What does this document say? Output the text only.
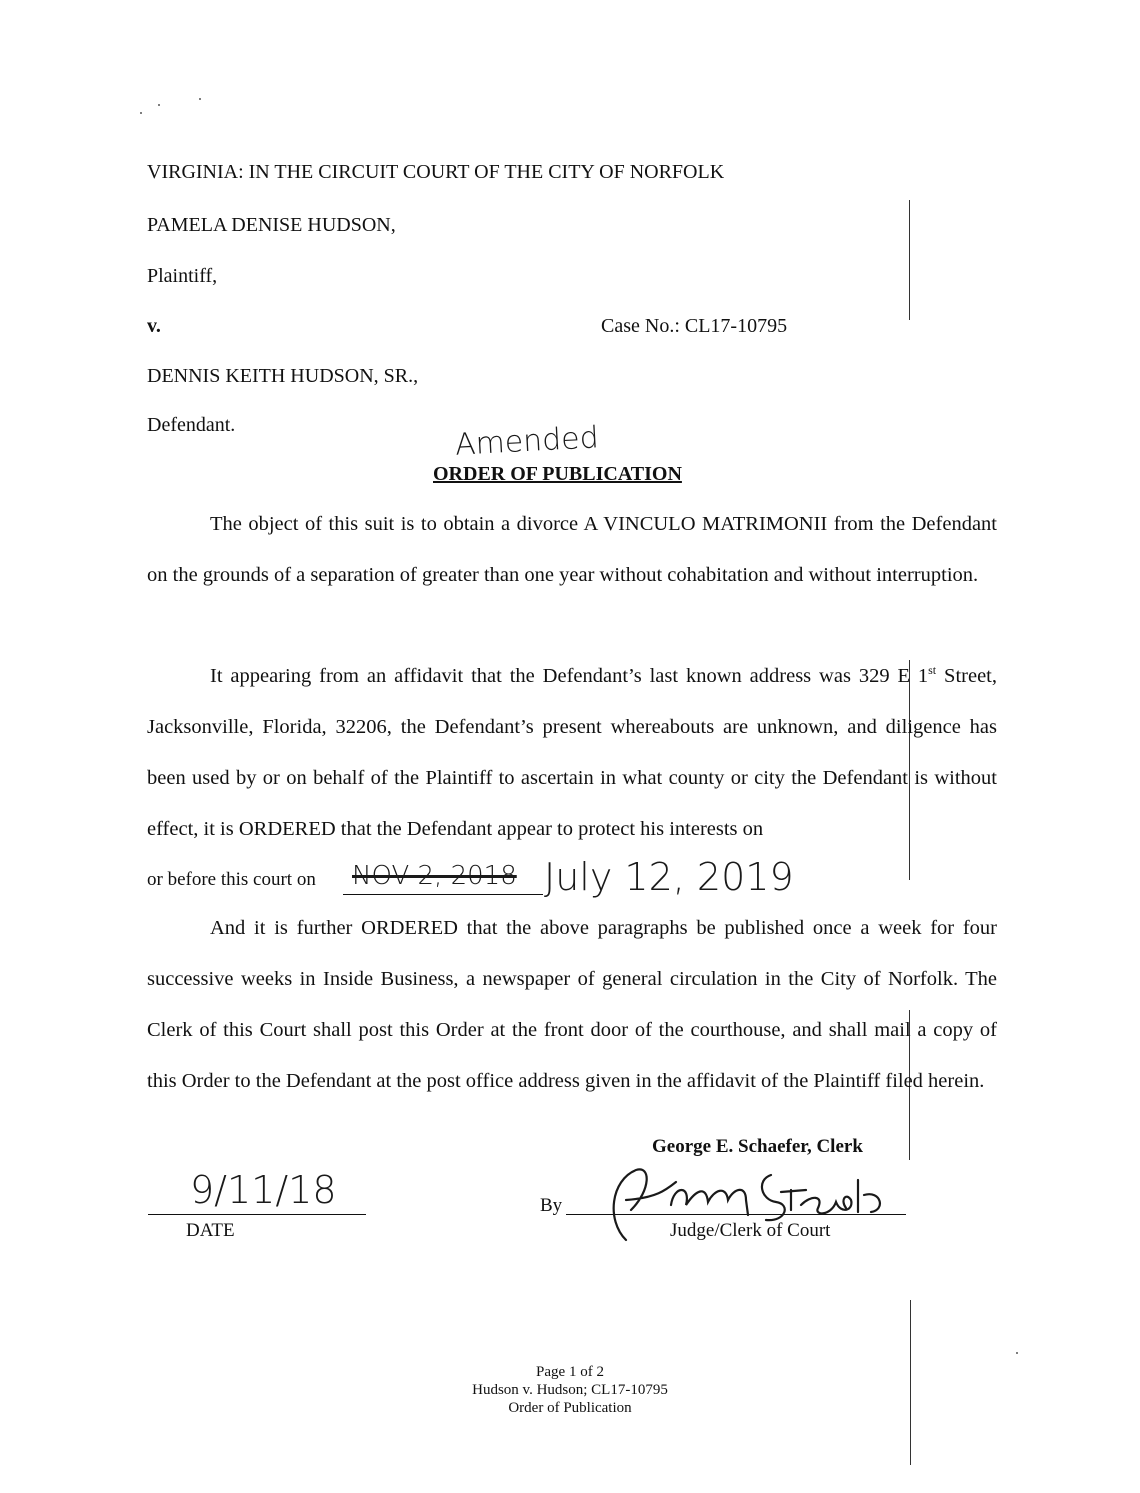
VIRGINIA: IN THE CIRCUIT COURT OF THE CITY OF NORFOLK
PAMELA DENISE HUDSON,
Plaintiff,
v.	Case No.: CL17-10795
DENNIS KEITH HUDSON, SR.,
Defendant.	Amended
ORDER OF PUBLICATION
The object of this suit is to obtain a divorce A VINCULO MATRIMONII from the Defendant on the grounds of a separation of greater than one year without cohabitation and without interruption.
It appearing from an affidavit that the Defendant’s last known address was 329 E 1st Street, Jacksonville, Florida, 32206, the Defendant’s present whereabouts are unknown, and diligence has been used by or on behalf of the Plaintiff to ascertain in what county or city the Defendant is without effect, it is ORDERED that the Defendant appear to protect his interests on
or before this court on NOV 2, 2018 July 12, 2019
And it is further ORDERED that the above paragraphs be published once a week for four successive weeks in Inside Business, a newspaper of general circulation in the City of Norfolk. The Clerk of this Court shall post this Order at the front door of the courthouse, and shall mail a copy of this Order to the Defendant at the post office address given in the affidavit of the Plaintiff filed herein.
George E. Schaefer, Clerk
9/11/18
DATE
By
Judge/Clerk of Court
Page 1 of 2
Hudson v. Hudson; CL17-10795
Order of Publication
